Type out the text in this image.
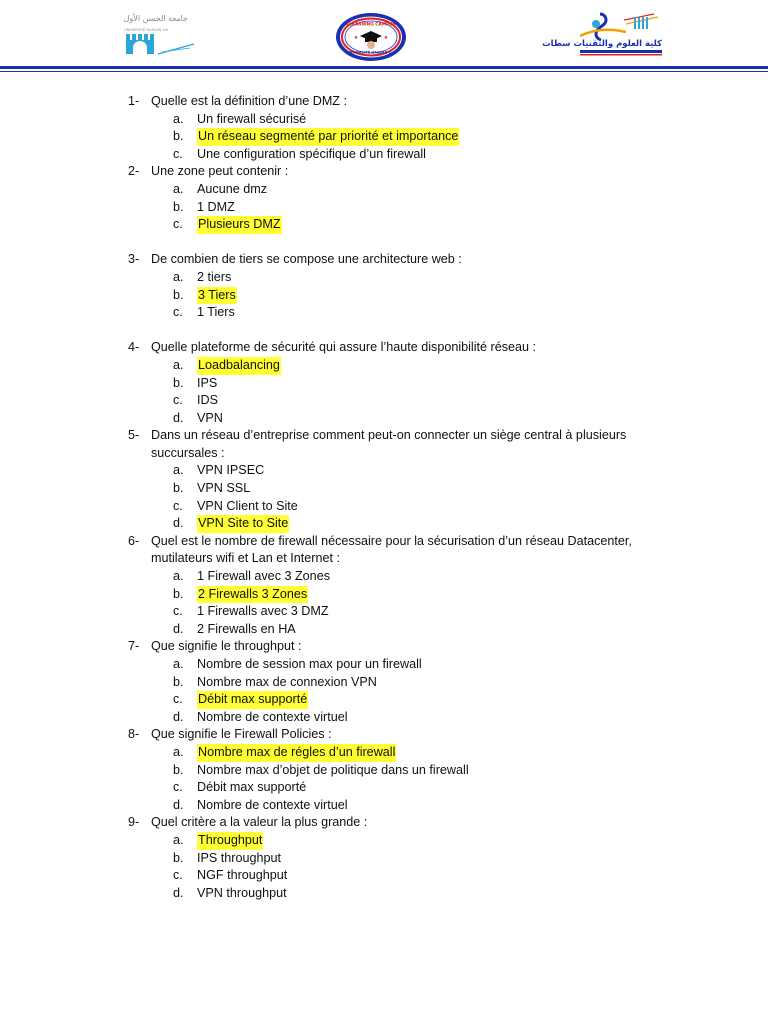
جامعة الحسن الأول
UNIVERSITÉ HASSAN 1er
ELEARNING CAMPUS
UNIVERSITÉ HASSAN 1er
★	★
كلية العلوم والتقنيات سطات
1- Quelle est la définition d’une DMZ :
a. Un firewall sécurisé
b. Un réseau segmenté par priorité et importance
c. Une configuration spécifique d’un firewall
2- Une zone peut contenir :
a. Aucune dmz
b. 1 DMZ
c. Plusieurs DMZ
3- De combien de tiers se compose une architecture web :
a. 2 tiers
b. 3 Tiers
c. 1 Tiers
4- Quelle plateforme de sécurité qui assure l’haute disponibilité réseau :
a. Loadbalancing
b. IPS
c. IDS
d. VPN
5- Dans un réseau d’entreprise comment peut-on connecter un siège central à plusieurs
succursales :
a. VPN IPSEC
b. VPN SSL
c. VPN Client to Site
d. VPN Site to Site
6- Quel est le nombre de firewall nécessaire pour la sécurisation d’un réseau Datacenter,
mutilateurs wifi et Lan et Internet :
a. 1 Firewall avec 3 Zones
b. 2 Firewalls 3 Zones
c. 1 Firewalls avec 3 DMZ
d. 2 Firewalls en HA
7- Que signifie le throughput :
a. Nombre de session max pour un firewall
b. Nombre max de connexion VPN
c. Débit max supporté
d. Nombre de contexte virtuel
8- Que signifie le Firewall Policies :
a. Nombre max de régles d’un firewall
b. Nombre max d’objet de politique dans un firewall
c. Débit max supporté
d. Nombre de contexte virtuel
9- Quel critère a la valeur la plus grande :
a. Throughput
b. IPS throughput
c. NGF throughput
d. VPN throughput
